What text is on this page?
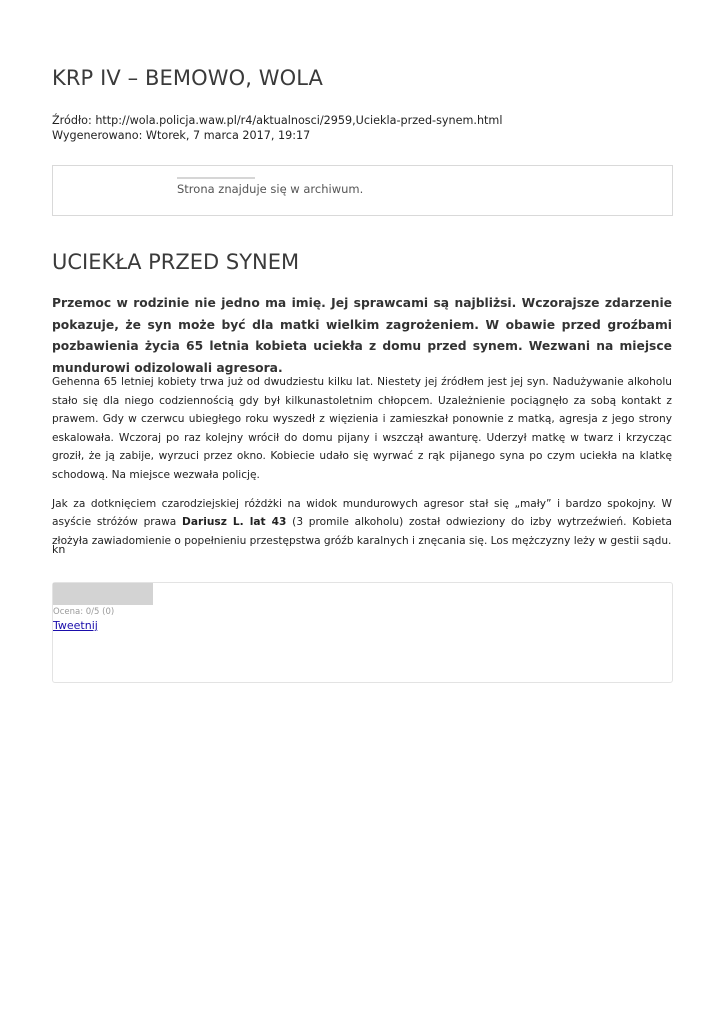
KRP IV – BEMOWO, WOLA
Źródło: http://wola.policja.waw.pl/r4/aktualnosci/2959,Uciekla-przed-synem.html
Wygenerowano: Wtorek, 7 marca 2017, 19:17
Strona znajduje się w archiwum.
UCIEKŁA PRZED SYNEM

Przemoc w rodzinie nie jedno ma imię. Jej sprawcami są najbliżsi. Wczorajsze zdarzenie pokazuje, że syn może być dla matki wielkim zagrożeniem. W obawie przed groźbami pozbawienia życia 65 letnia kobieta uciekła z domu przed synem. Wezwani na miejsce mundurowi odizolowali agresora.

Gehenna 65 letniej kobiety trwa już od dwudziestu kilku lat. Niestety jej źródłem jest jej syn. Nadużywanie alkoholu stało się dla niego codziennością gdy był kilkunastoletnim chłopcem. Uzależnienie pociągnęło za sobą kontakt z prawem. Gdy w czerwcu ubiegłego roku wyszedł z więzienia i zamieszkał ponownie z matką, agresja z jego strony eskalowała. Wczoraj po raz kolejny wrócił do domu pijany i wszczął awanturę. Uderzył matkę w twarz i krzycząc groził, że ją zabije, wyrzuci przez okno. Kobiecie udało się wyrwać z rąk pijanego syna po czym uciekła na klatkę schodową. Na miejsce wezwała policję.

Jak za dotknięciem czarodziejskiej różdżki na widok mundurowych agresor stał się „mały” i bardzo spokojny. W asyście stróżów prawa Dariusz L. lat 43 (3 promile alkoholu) został odwieziony do izby wytrzeźwień. Kobieta złożyła zawiadomienie o popełnieniu przestępstwa gróźb karalnych i znęcania się. Los mężczyzny leży w gestii sądu.

kn
Ocena: 0/5 (0)
Tweetnij
